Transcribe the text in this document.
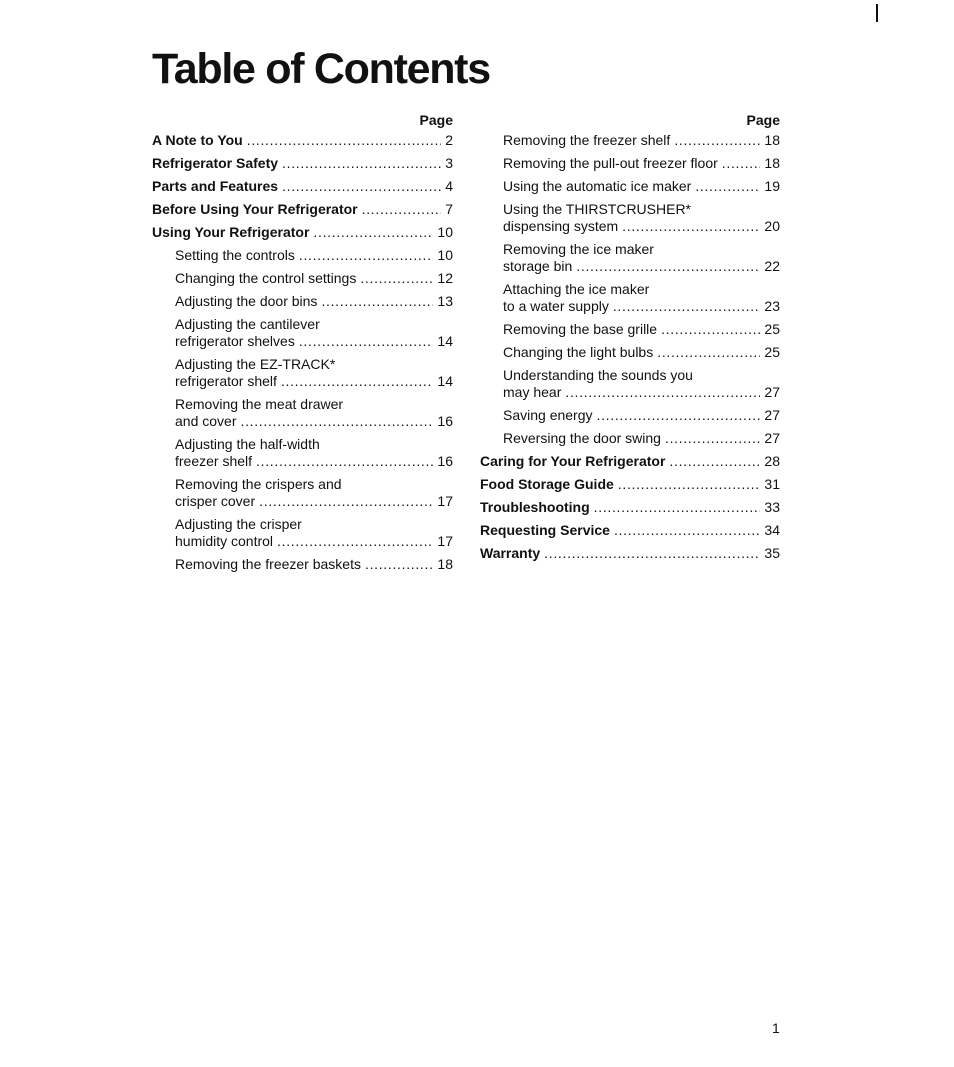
Table of Contents
Page
A Note to You . . .	2
Refrigerator Safety . . .	3
Parts and Features . . .	4
Before Using Your Refrigerator . . .	7
Using Your Refrigerator . . .	10
Setting the controls . . .	10
Changing the control settings . . .	12
Adjusting the door bins . . .	13
Adjusting the cantilever
refrigerator shelves . . .	14
Adjusting the EZ-TRACK*
refrigerator shelf . . .	14
Removing the meat drawer
and cover . . .	16
Adjusting the half-width
freezer shelf . . .	16
Removing the crispers and
crisper cover . . .	17
Adjusting the crisper
humidity control . . .	17
Removing the freezer baskets . . .	18
Page
Removing the freezer shelf . . .	18
Removing the pull-out freezer floor . . .	18
Using the automatic ice maker . . .	19
Using the THIRSTCRUSHER*
dispensing system . . .	20
Removing the ice maker
storage bin . . .	22
Attaching the ice maker
to a water supply . . .	23
Removing the base grille . . .	25
Changing the light bulbs . . .	25
Understanding the sounds you
may hear . . .	27
Saving energy . . .	27
Reversing the door swing . . .	27
Caring for Your Refrigerator . . .	28
Food Storage Guide . . .	31
Troubleshooting . . .	33
Requesting Service . . .	34
Warranty . . .	35
1
